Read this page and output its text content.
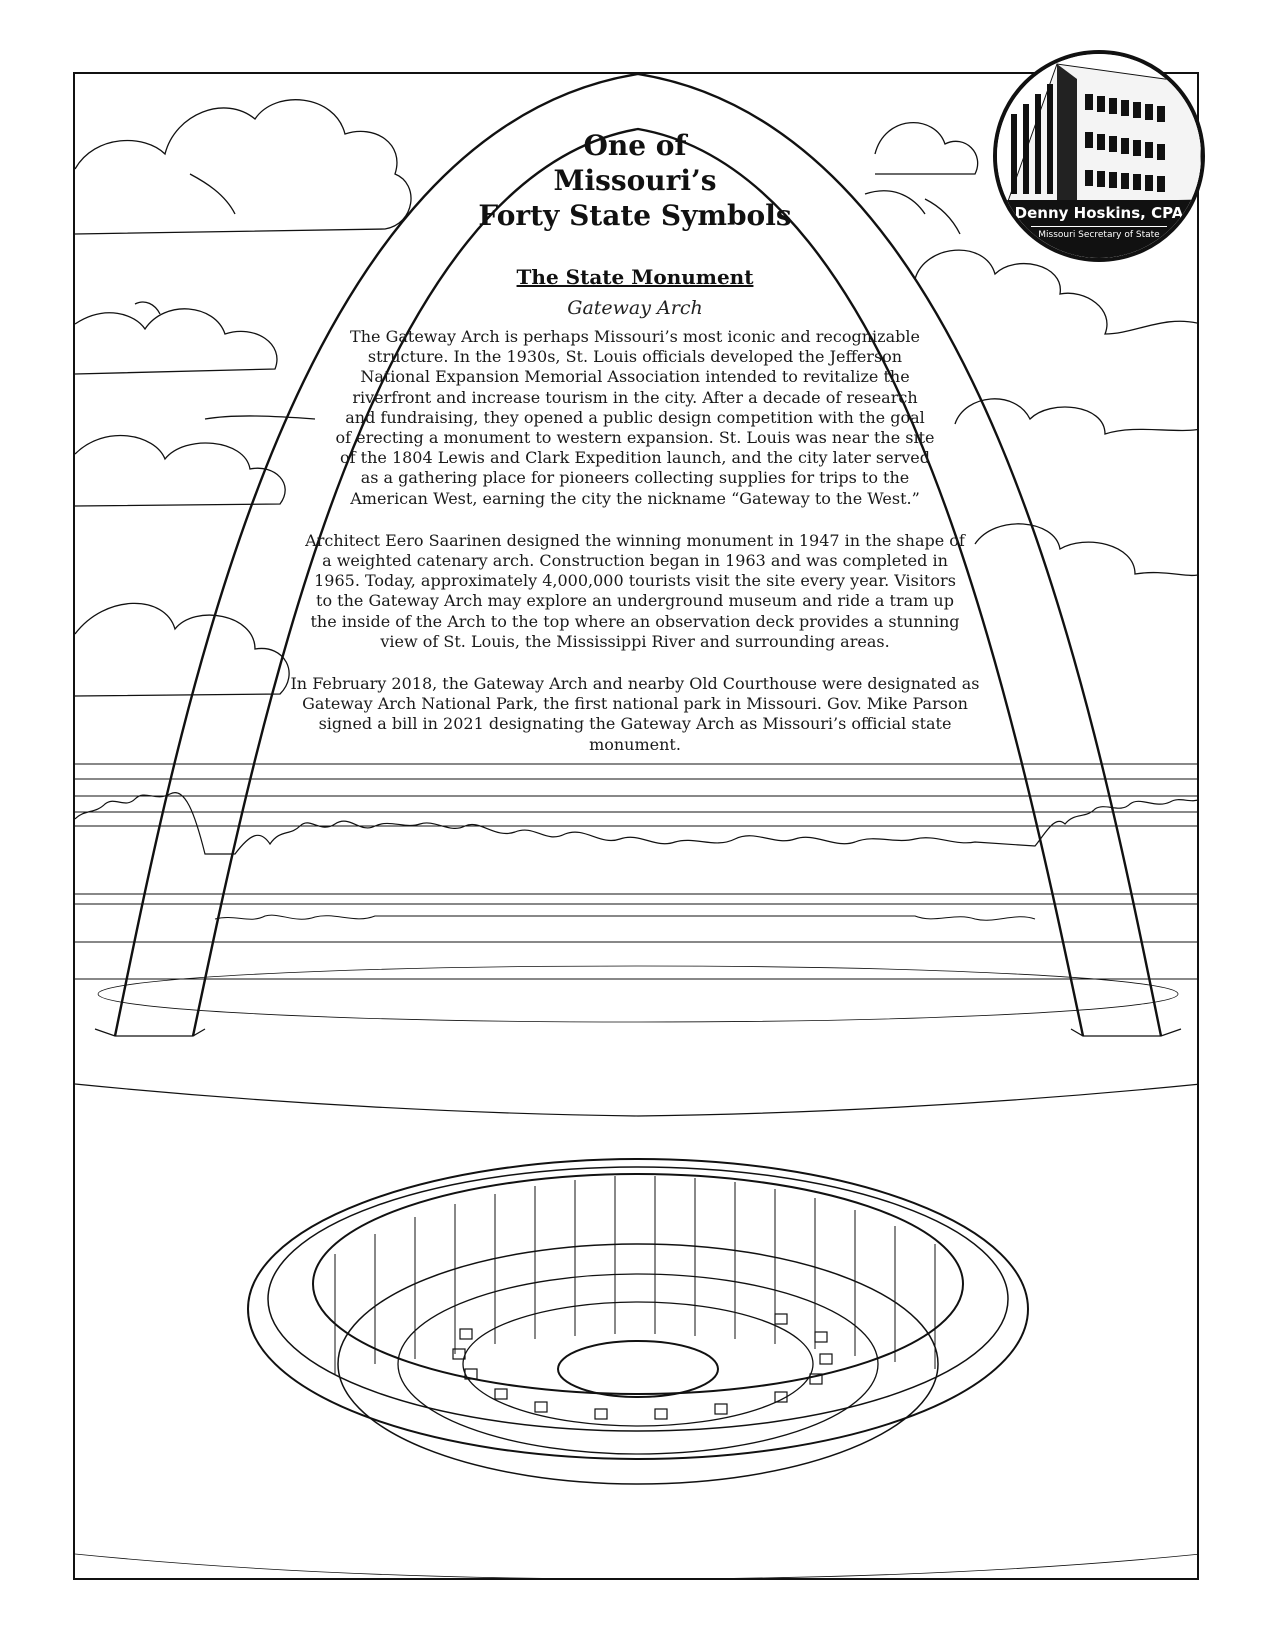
Denny Hoskins, CPA
Missouri Secretary of State

One of

Missouri’s

Forty State Symbols

The State Monument

Gateway Arch

The Gateway Arch is perhaps Missouri’s most iconic and recognizable structure. In the 1930s, St. Louis officials developed the Jefferson National Expansion Memorial Association intended to revitalize the riverfront and increase tourism in the city. After a decade of research and fundraising, they opened a public design competition with the goal of erecting a monument to western expansion. St. Louis was near the site of the 1804 Lewis and Clark Expedition launch, and the city later served as a gathering place for pioneers collecting supplies for trips to the American West, earning the city the nickname “Gateway to the West.”

Architect Eero Saarinen designed the winning monument in 1947 in the shape of a weighted catenary arch. Construction began in 1963 and was completed in 1965. Today, approximately 4,000,000 tourists visit the site every year. Visitors to the Gateway Arch may explore an underground museum and ride a tram up the inside of the Arch to the top where an observation deck provides a stunning view of St. Louis, the Mississippi River and surrounding areas.

In February 2018, the Gateway Arch and nearby Old Courthouse were designated as Gateway Arch National Park, the first national park in Missouri. Gov. Mike Parson signed a bill in 2021 designating the Gateway Arch as Missouri’s official state monument.
